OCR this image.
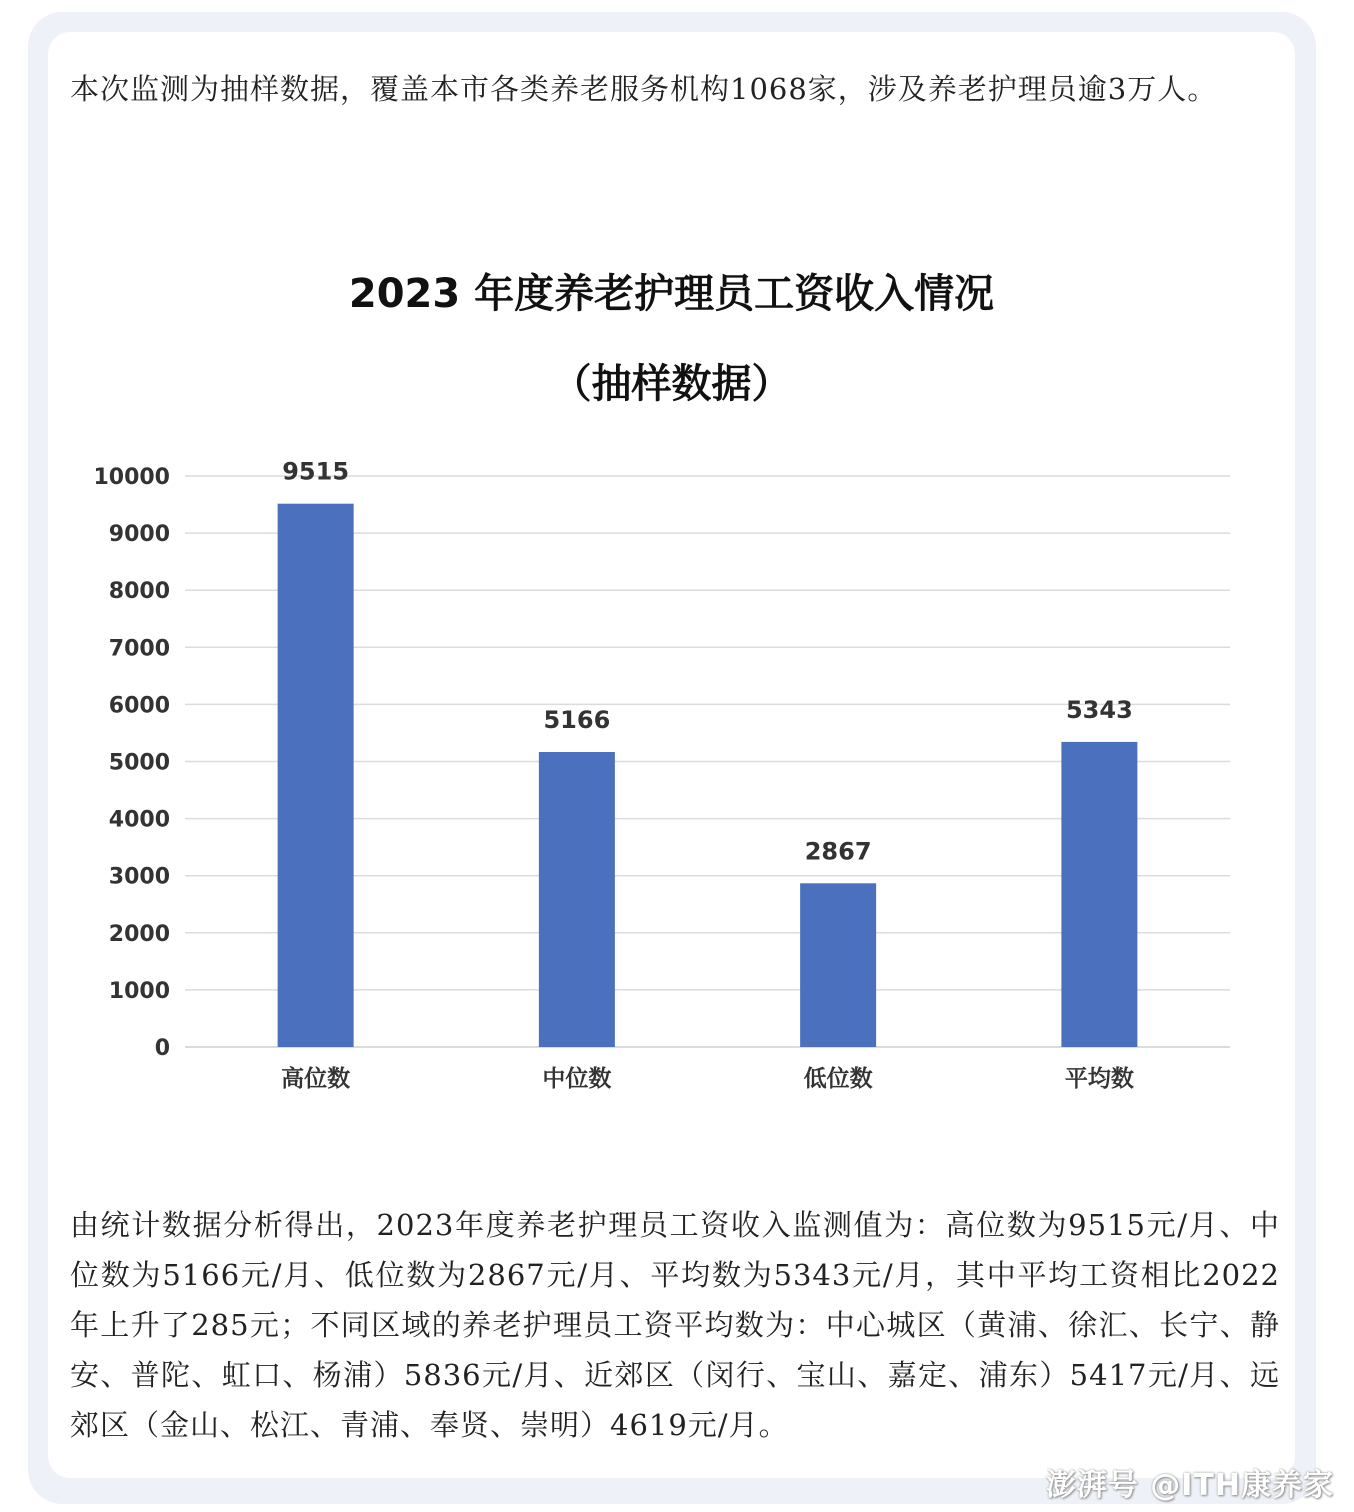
本次监测为抽样数据，覆盖本市各类养老服务机构1068家，涉及养老护理员逾3万人。
2023 年度养老护理员工资收入情况
（抽样数据）
0
1000
2000
3000
4000
5000
6000
7000
8000
9000
10000	9515
高位数
5166
中位数
2867
低位数
5343
平均数
由统计数据分析得出，2023年度养老护理员工资收入监测值为：高位数为9515元/月、中位数为5166元/月、低位数为2867元/月、平均数为5343元/月，其中平均工资相比2022年上升了285元；不同区域的养老护理员工资平均数为：中心城区（黄浦、徐汇、长宁、静安、普陀、虹口、杨浦）5836元/月、近郊区（闵行、宝山、嘉定、浦东）5417元/月、远郊区（金山、松江、青浦、奉贤、崇明）4619元/月。
澎湃号 @ITH康养家
